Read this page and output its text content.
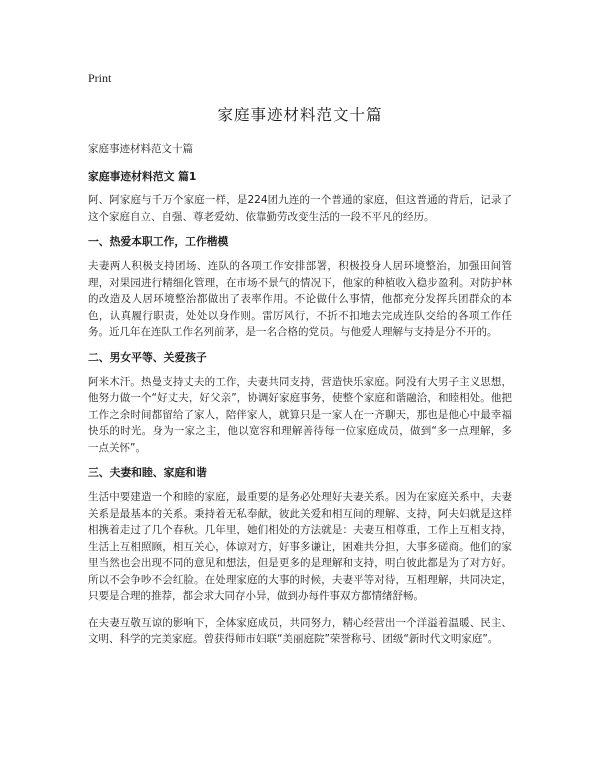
Print
家庭事迹材料范文十篇
家庭事迹材料范文十篇
家庭事迹材料范文 篇1

阿、阿家庭与千万个家庭一样，是224团九连的一个普通的家庭，但这普通的背后，记录了这个家庭自立、自强、尊老爱幼、依靠勤劳改变生活的一段不平凡的经历。

一、热爱本职工作，工作楷模

夫妻两人积极支持团场、连队的各项工作安排部署，积极投身人居环境整治，加强田间管理，对果园进行精细化管理，在市场不景气的情况下，他家的种植收入稳步盈利。对防护林的改造及人居环境整治都做出了表率作用。不论做什么事情，他都充分发挥兵团群众的本色，认真履行职责，处处以身作则。雷厉风行，不折不扣地去完成连队交给的各项工作任务。近几年在连队工作名列前茅，是一名合格的党员。与他爱人理解与支持是分不开的。

二、男女平等、关爱孩子

阿米木汗。热曼支持丈夫的工作，夫妻共同支持，营造快乐家庭。阿没有大男子主义思想，他努力做一个“好丈夫，好父亲”，协调好家庭事务，使整个家庭和谐融洽，和睦相处。他把工作之余时间都留给了家人，陪伴家人，就算只是一家人在一齐聊天，那也是他心中最幸福快乐的时光。身为一家之主，他以宽容和理解善待每一位家庭成员，做到“多一点理解，多一点关怀”。

三、夫妻和睦、家庭和谐

生活中要建造一个和睦的家庭，最重要的是务必处理好夫妻关系。因为在家庭关系中，夫妻关系是最基本的关系。秉持着无私奉献，彼此关爱和相互间的理解、支持，阿夫妇就是这样相携着走过了几个春秋。几年里，她们相处的方法就是：夫妻互相尊重，工作上互相支持，生活上互相照顾，相互关心，体谅对方，好事多谦让，困难共分担，大事多磋商。他们的家里当然也会出现不同的意见和想法，但是更多的是理解和支持，明白彼此都是为了对方好。所以不会争吵不会红脸。在处理家庭的大事的时候，夫妻平等对待，互相理解，共同决定，只要是合理的推荐，都会求大同存小异，做到办每件事双方都情绪舒畅。

在夫妻互敬互谅的影响下，全体家庭成员，共同努力，精心经营出一个洋溢着温暖、民主、文明、科学的完美家庭。曾获得师市妇联“美丽庭院”荣誉称号、团级“新时代文明家庭”。
